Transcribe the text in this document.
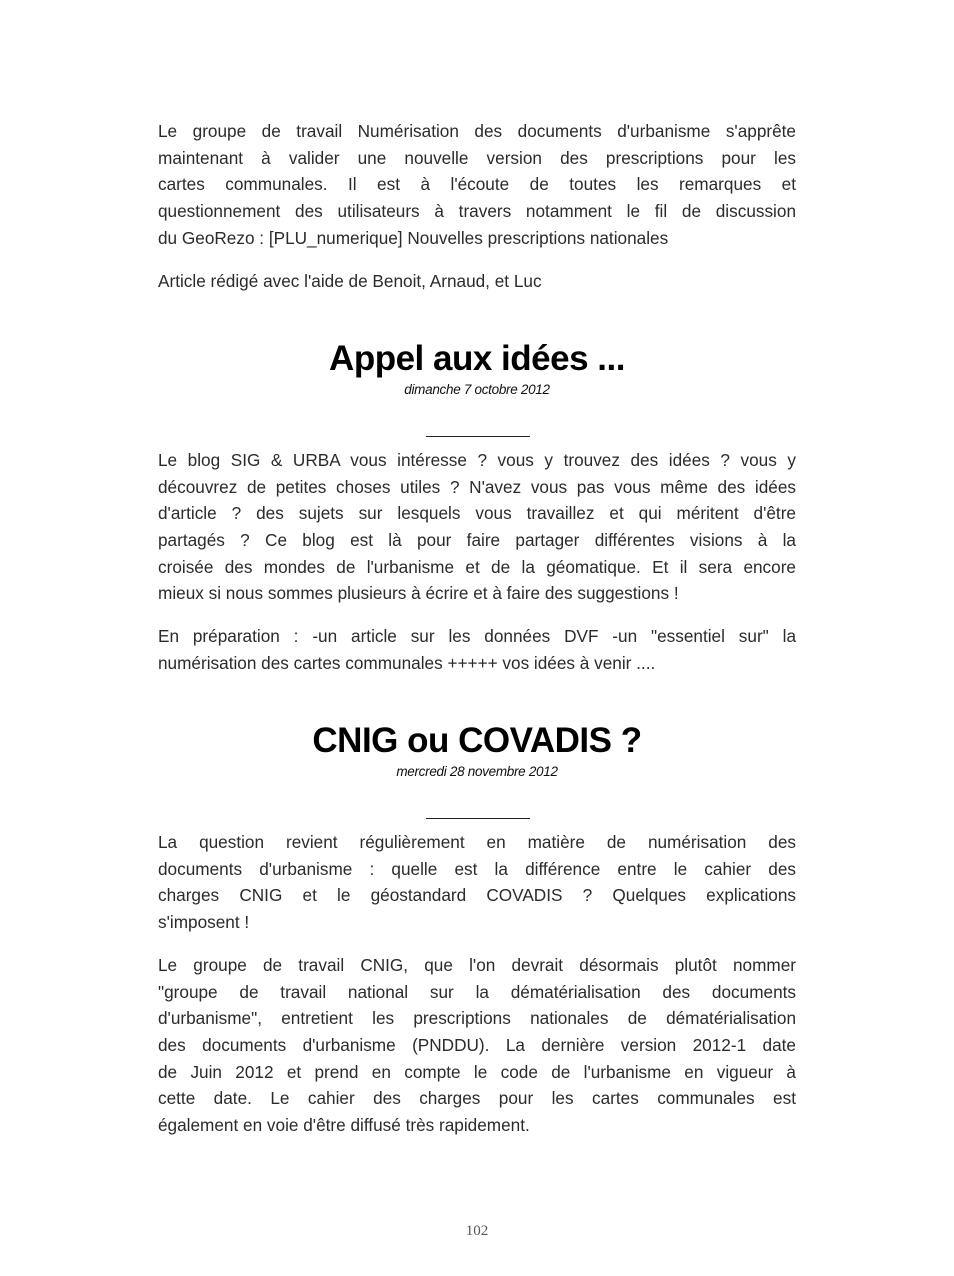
Le groupe de travail Numérisation des documents d'urbanisme s'apprête
maintenant à valider une nouvelle version des prescriptions pour les
cartes communales. Il est à l'écoute de toutes les remarques et
questionnement des utilisateurs à travers notamment le fil de discussion
du GeoRezo : [PLU_numerique] Nouvelles prescriptions nationales
Article rédigé avec l'aide de Benoit, Arnaud, et Luc
Appel aux idées ...
dimanche 7 octobre 2012
Le blog SIG & URBA vous intéresse ? vous y trouvez des idées ? vous y
découvrez de petites choses utiles ? N'avez vous pas vous même des idées
d'article ? des sujets sur lesquels vous travaillez et qui méritent d'être
partagés ? Ce blog est là pour faire partager différentes visions à la
croisée des mondes de l'urbanisme et de la géomatique. Et il sera encore
mieux si nous sommes plusieurs à écrire et à faire des suggestions !
En préparation : -un article sur les données DVF -un "essentiel sur" la
numérisation des cartes communales +++++ vos idées à venir ....
CNIG ou COVADIS ?
mercredi 28 novembre 2012
La question revient régulièrement en matière de numérisation des
documents d'urbanisme : quelle est la différence entre le cahier des
charges CNIG et le géostandard COVADIS ? Quelques explications
s'imposent !
Le groupe de travail CNIG, que l'on devrait désormais plutôt nommer
"groupe de travail national sur la dématérialisation des documents
d'urbanisme", entretient les prescriptions nationales de dématérialisation
des documents d'urbanisme (PNDDU). La dernière version 2012-1 date
de Juin 2012 et prend en compte le code de l'urbanisme en vigueur à
cette date. Le cahier des charges pour les cartes communales est
également en voie d'être diffusé très rapidement.
102
